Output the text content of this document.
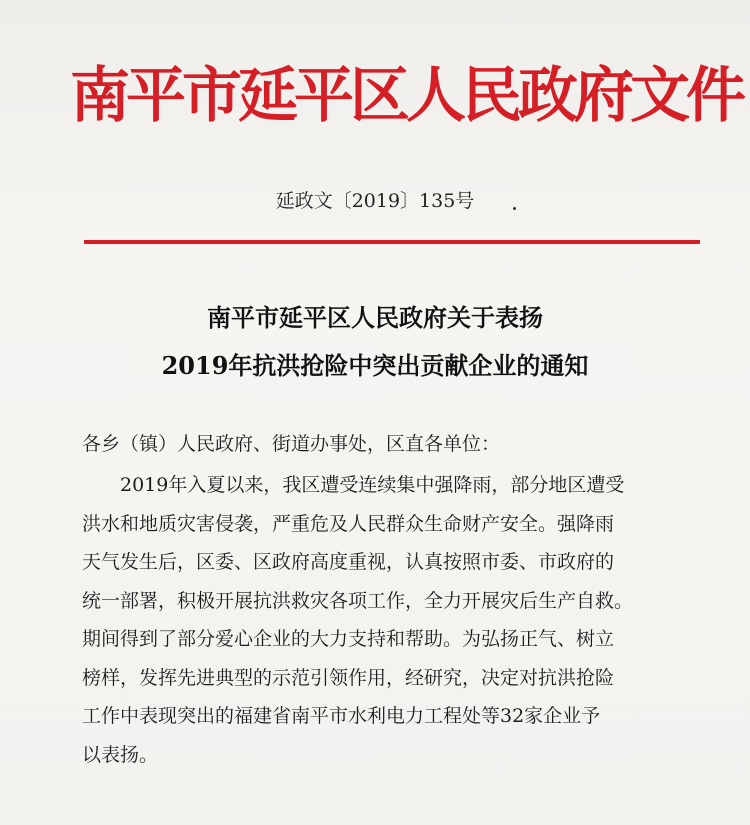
南平市延平区人民政府文件
延政文〔2019〕135号
南平市延平区人民政府关于表扬
2019年抗洪抢险中突出贡献企业的通知

各乡（镇）人民政府、街道办事处，区直各单位：

2019年入夏以来，我区遭受连续集中强降雨，部分地区遭受

洪水和地质灾害侵袭，严重危及人民群众生命财产安全。强降雨

天气发生后，区委、区政府高度重视，认真按照市委、市政府的

统一部署，积极开展抗洪救灾各项工作，全力开展灾后生产自救。

期间得到了部分爱心企业的大力支持和帮助。为弘扬正气、树立

榜样，发挥先进典型的示范引领作用，经研究，决定对抗洪抢险

工作中表现突出的福建省南平市水利电力工程处等32家企业予

以表扬。
